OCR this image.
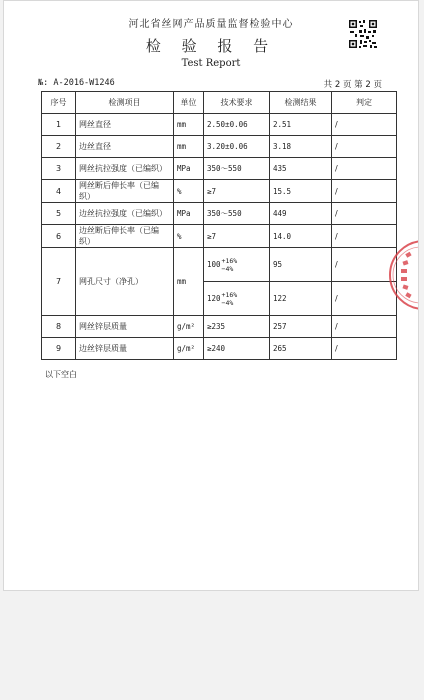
河北省丝网产品质量监督检验中心
检 验 报 告
Test Report
№: A-2016-W1246	共 2 页 第 2 页
序号	检测项目	单位	技术要求	检测结果	判定
1	网丝直径	mm	2.50±0.06	2.51	/
2	边丝直径	mm	3.20±0.06	3.18	/
3	网丝抗拉强度（已编织）	MPa	350～550	435	/
4	网丝断后伸长率（已编织）	%	≥7	15.5	/
5	边丝抗拉强度（已编织）	MPa	350～550	449	/
6	边丝断后伸长率（已编织）	%	≥7	14.0	/
7	网孔尺寸（净孔）	mm	100 +16%
−4%	95	/

			120 +16%
−4%	122	/
8	网丝锌层质量	g/m²	≥235	257	/
9	边丝锌层质量	g/m²	≥240	265	/
以下空白
